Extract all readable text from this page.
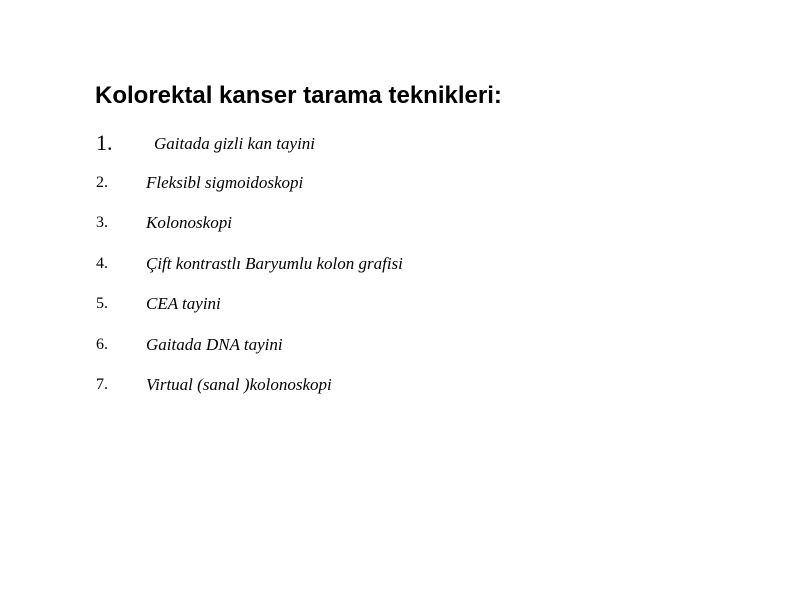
Kolorektal kanser tarama teknikleri:
1. Gaitada gizli kan tayini
2. Fleksibl sigmoidoskopi
3. Kolonoskopi
4. Çift kontrastlı Baryumlu kolon grafisi
5. CEA tayini
6. Gaitada DNA tayini
7. Virtual (sanal )kolonoskopi
